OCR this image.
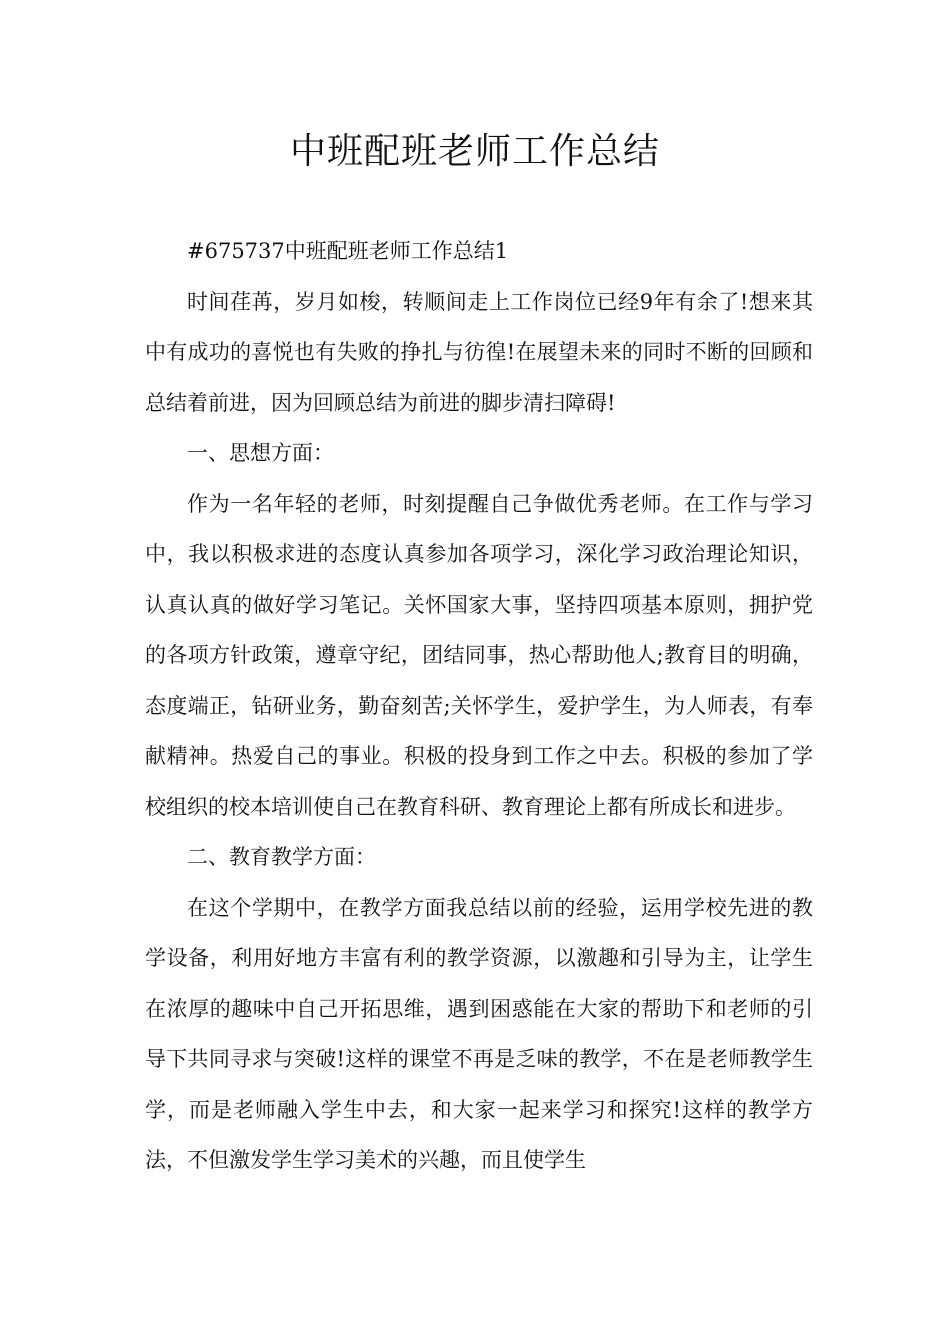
中班配班老师工作总结

#675737中班配班老师工作总结1

时间荏苒，岁月如梭，转顺间走上工作岗位已经9年有余了!想来其中有成功的喜悦也有失败的挣扎与彷徨!在展望未来的同时不断的回顾和总结着前进，因为回顾总结为前进的脚步清扫障碍!

一、思想方面：

作为一名年轻的老师，时刻提醒自己争做优秀老师。在工作与学习中，我以积极求进的态度认真参加各项学习，深化学习政治理论知识，认真认真的做好学习笔记。关怀国家大事，坚持四项基本原则，拥护党的各项方针政策，遵章守纪，团结同事，热心帮助他人;教育目的明确，态度端正，钻研业务，勤奋刻苦;关怀学生，爱护学生，为人师表，有奉献精神。热爱自己的事业。积极的投身到工作之中去。积极的参加了学校组织的校本培训使自己在教育科研、教育理论上都有所成长和进步。

二、教育教学方面：

在这个学期中，在教学方面我总结以前的经验，运用学校先进的教学设备，利用好地方丰富有利的教学资源，以激趣和引导为主，让学生在浓厚的趣味中自己开拓思维，遇到困惑能在大家的帮助下和老师的引导下共同寻求与突破!这样的课堂不再是乏味的教学，不在是老师教学生学，而是老师融入学生中去，和大家一起来学习和探究!这样的教学方法，不但激发学生学习美术的兴趣，而且使学生
